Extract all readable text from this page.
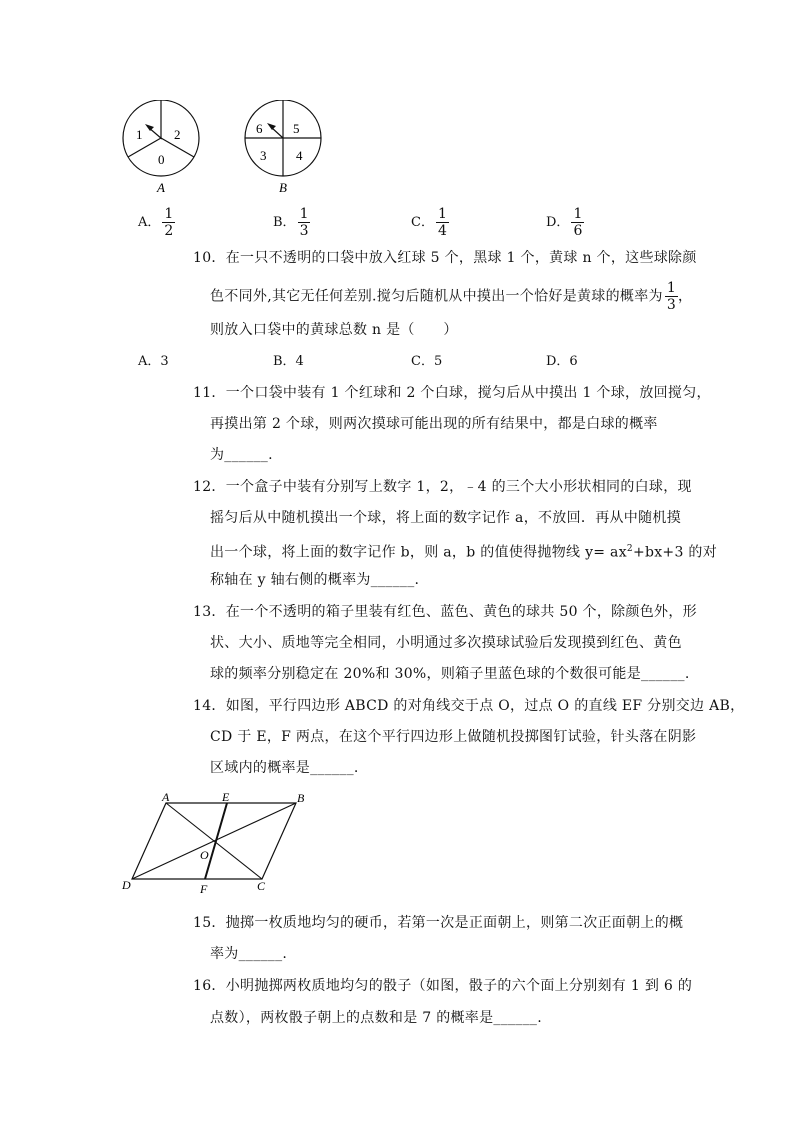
1 2
0
A
6 5
3 4
B
A． $\frac{1}{2}$	B． $\frac{1}{3}$	C． $\frac{1}{4}$	D． $\frac{1}{6}$
10．在一只不透明的口袋中放入红球 5 个，黑球 1 个，黄球 n 个，这些球除颜
色不同外,其它无任何差别.搅匀后随机从中摸出一个恰好是黄球的概率为 $\frac{1}{3}$ ，
则放入口袋中的黄球总数 n 是（　　）
A．3	B．4	C．5	D．6
11．一个口袋中装有 1 个红球和 2 个白球，搅匀后从中摸出 1 个球，放回搅匀，
再摸出第 2 个球，则两次摸球可能出现的所有结果中，都是白球的概率
为______.
12．一个盒子中装有分别写上数字 1，2，﹣4 的三个大小形状相同的白球，现
摇匀后从中随机摸出一个球，将上面的数字记作 a，不放回．再从中随机摸
出一个球，将上面的数字记作 b，则 a，b 的值使得抛物线 $y= ax^2+bx+3$ 的对
称轴在 y 轴右侧的概率为______.
13．在一个不透明的箱子里装有红色、蓝色、黄色的球共 50 个，除颜色外，形
状、大小、质地等完全相同，小明通过多次摸球试验后发现摸到红色、黄色
球的频率分别稳定在 20%和 30%，则箱子里蓝色球的个数很可能是______.
14．如图，平行四边形 ABCD 的对角线交于点 O，过点 O 的直线 EF 分别交边 AB，
CD 于 E，F 两点，在这个平行四边形上做随机投掷图钉试验，针头落在阴影
区域内的概率是______.
A	E	B
O
D	F	C
15．抛掷一枚质地均匀的硬币，若第一次是正面朝上，则第二次正面朝上的概
率为______.
16．小明抛掷两枚质地均匀的骰子（如图，骰子的六个面上分别刻有 1 到 6 的
点数），两枚骰子朝上的点数和是 7 的概率是______.
